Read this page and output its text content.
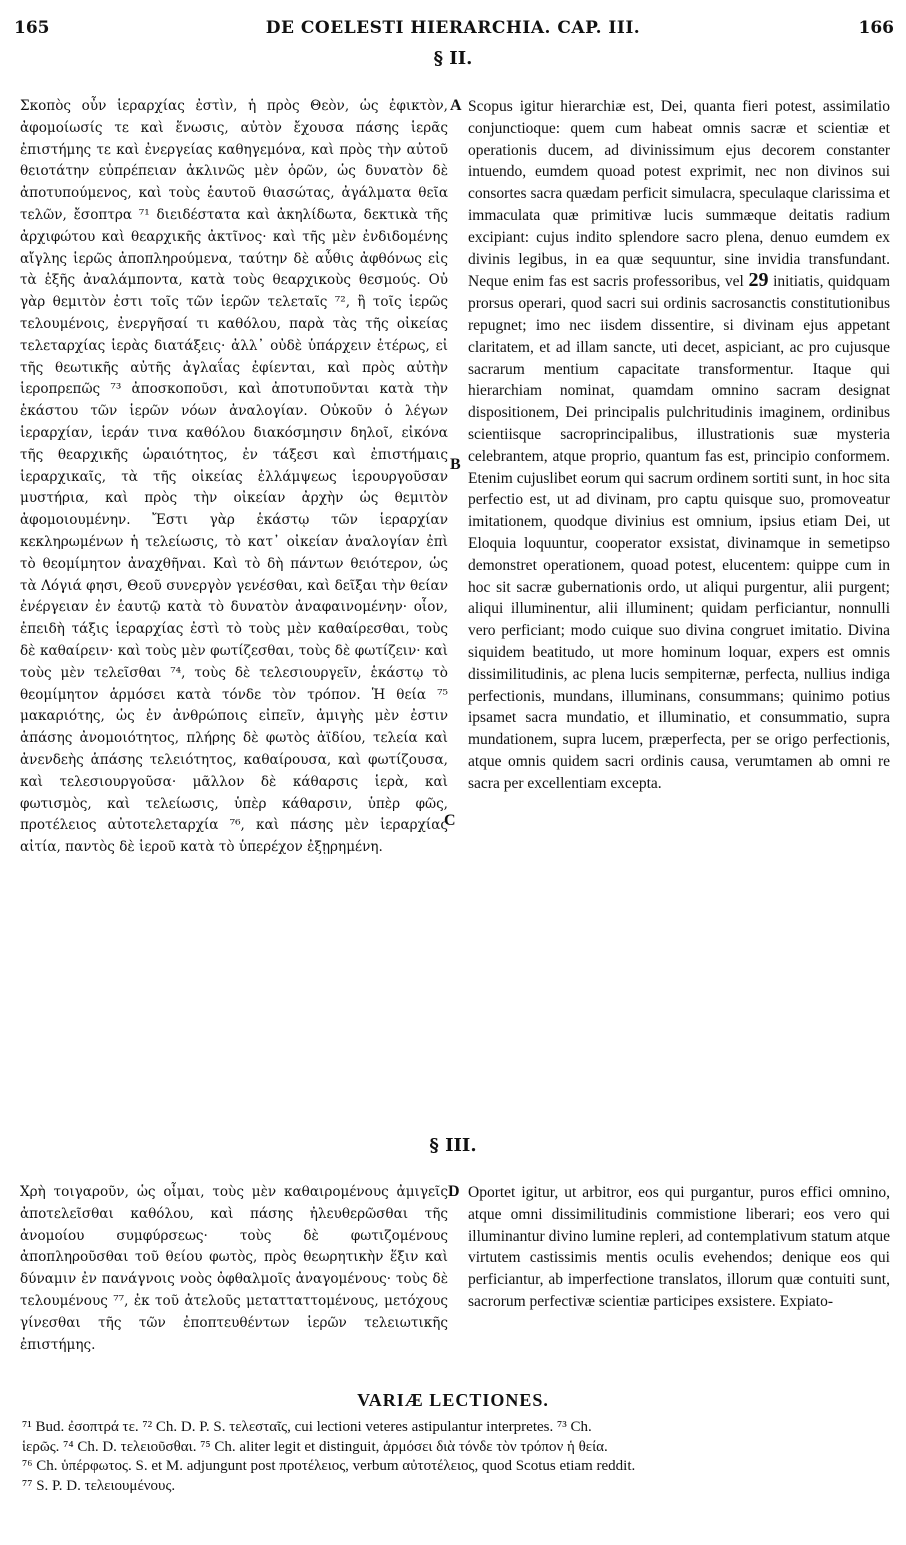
165	DE COELESTI HIERARCHIA. CAP. III.	166
§ II.
Σκοπὸς οὖν ἱεραρχίας ἐστὶν, ἡ πρὸς Θεὸν, ὡς ἐφικτὸν, ἀφομοίωσίς τε καὶ ἕνωσις, αὐτὸν ἔχουσα πάσης ἱερᾶς ἐπιστήμης τε καὶ ἐνεργείας καθηγεμόνα, καὶ πρὸς τὴν αὐτοῦ θειοτάτην εὐπρέπειαν ἀκλινῶς μὲν ὁρῶν, ὡς δυνατὸν δὲ ἀποτυπούμενος, καὶ τοὺς ἑαυτοῦ θιασώτας, ἀγάλματα θεῖα τελῶν, ἔσοπτρα ⁷¹ διειδέστατα καὶ ἀκηλίδωτα, δεκτικὰ τῆς ἀρχιφώτου καὶ θεαρχικῆς ἀκτῖνος· καὶ τῆς μὲν ἐνδιδομένης αἴγλης ἱερῶς ἀποπληρούμενα, ταύτην δὲ αὖθις ἀφθόνως εἰς τὰ ἑξῆς ἀναλάμποντα, κατὰ τοὺς θεαρχικοὺς θεσμούς. Οὐ γὰρ θεμιτὸν ἐστι τοῖς τῶν ἱερῶν τελεταῖς ⁷², ἢ τοῖς ἱερῶς τελουμένοις, ἐνεργῆσαί τι καθόλου, παρὰ τὰς τῆς οἰκείας τελεταρχίας ἱερὰς διατάξεις· ἀλλ᾽ οὐδὲ ὑπάρχειν ἑτέρως, εἰ τῆς θεωτικῆς αὐτῆς ἀγλαΐας ἐφίενται, καὶ πρὸς αὐτὴν ἱεροπρεπῶς ⁷³ ἀποσκοποῦσι, καὶ ἀποτυποῦνται κατὰ τὴν ἑκάστου τῶν ἱερῶν νόων ἀναλογίαν. Οὐκοῦν ὁ λέγων ἱεραρχίαν, ἱεράν τινα καθόλου διακόσμησιν δηλοῖ, εἰκόνα τῆς θεαρχικῆς ὡραιότητος, ἐν τάξεσι καὶ ἐπιστήμαις ἱεραρχικαῖς, τὰ τῆς οἰκείας ἐλλάμψεως ἱερουργοῦσαν μυστήρια, καὶ πρὸς τὴν οἰκείαν ἀρχὴν ὡς θεμιτὸν ἀφομοιουμένην. Ἔστι γὰρ ἑκάστῳ τῶν ἱεραρχίαν κεκληρωμένων ἡ τελείωσις, τὸ κατ᾽ οἰκείαν ἀναλογίαν ἐπὶ τὸ θεομίμητον ἀναχθῆναι. Καὶ τὸ δὴ πάντων θειότερον, ὡς τὰ Λόγιά φησι, Θεοῦ συνεργὸν γενέσθαι, καὶ δεῖξαι τὴν θείαν ἐνέργειαν ἐν ἑαυτῷ κατὰ τὸ δυνατὸν ἀναφαινομένην· οἷον, ἐπειδὴ τάξις ἱεραρχίας ἐστὶ τὸ τοὺς μὲν καθαίρεσθαι, τοὺς δὲ καθαίρειν· καὶ τοὺς μὲν φωτίζεσθαι, τοὺς δὲ φωτίζειν· καὶ τοὺς μὲν τελεῖσθαι ⁷⁴, τοὺς δὲ τελεσιουργεῖν, ἑκάστῳ τὸ θεομίμητον ἁρμόσει κατὰ τόνδε τὸν τρόπον. Ἡ θεία ⁷⁵ μακαριότης, ὡς ἐν ἀνθρώποις εἰπεῖν, ἀμιγὴς μὲν ἐστιν ἁπάσης ἀνομοιότητος, πλήρης δὲ φωτὸς ἀϊδίου, τελεία καὶ ἀνενδεὴς ἁπάσης τελειότητος, καθαίρουσα, καὶ φωτίζουσα, καὶ τελεσιουργοῦσα· μᾶλλον δὲ κάθαρσις ἱερὰ, καὶ φωτισμὸς, καὶ τελείωσις, ὑπὲρ κάθαρσιν, ὑπὲρ φῶς, προτέλειος αὐτοτελεταρχία ⁷⁶, καὶ πάσης μὲν ἱεραρχίας αἰτία, παντὸς δὲ ἱεροῦ κατὰ τὸ ὑπερέχον ἐξῃρημένη.
Scopus igitur hierarchiæ est, Dei, quanta fieri potest, assimilatio conjunctioque: quem cum habeat omnis sacræ et scientiæ et operationis ducem, ad divinissimum ejus decorem constanter intuendo, eumdem quoad potest exprimit, nec non divinos sui consortes sacra quædam perficit simulacra, speculaque clarissima et immaculata quæ primitivæ lucis summæque deitatis radium excipiant: cujus indito splendore sacro plena, denuo eumdem ex divinis legibus, in ea quæ sequuntur, sine invidia transfundant. Neque enim fas est sacris professoribus, vel 29 initiatis, quidquam prorsus operari, quod sacri sui ordinis sacrosanctis constitutionibus repugnet; imo nec iisdem dissentire, si divinam ejus appetant claritatem, et ad illam sancte, uti decet, aspiciant, ac pro cujusque sacrarum mentium capacitate transformentur. Itaque qui hierarchiam nominat, quamdam omnino sacram designat dispositionem, Dei principalis pulchritudinis imaginem, ordinibus scientiisque sacroprincipalibus, illustrationis suæ mysteria celebrantem, atque proprio, quantum fas est, principio conformem. Etenim cujuslibet eorum qui sacrum ordinem sortiti sunt, in hoc sita perfectio est, ut ad divinam, pro captu quisque suo, promoveatur imitationem, quodque divinius est omnium, ipsius etiam Dei, ut Eloquia loquuntur, cooperator exsistat, divinamque in semetipso demonstret operationem, quoad potest, elucentem: quippe cum in hoc sit sacræ gubernationis ordo, ut aliqui purgentur, alii purgent; aliqui illuminentur, alii illuminent; quidam perficiantur, nonnulli vero perficiant; modo cuique suo divina congruet imitatio. Divina siquidem beatitudo, ut more hominum loquar, expers est omnis dissimilitudinis, ac plena lucis sempiternæ, perfecta, nullius indiga perfectionis, mundans, illuminans, consummans; quinimo potius ipsamet sacra mundatio, et illuminatio, et consummatio, supra mundationem, supra lucem, præperfecta, per se origo perfectionis, atque omnis quidem sacri ordinis causa, verumtamen ab omni re sacra per excellentiam excepta.
A
B
C
D
§ III.
Χρὴ τοιγαροῦν, ὡς οἶμαι, τοὺς μὲν καθαιρομένους ἀμιγεῖς ἀποτελεῖσθαι καθόλου, καὶ πάσης ἠλευθερῶσθαι τῆς ἀνομοίου συμφύρσεως· τοὺς δὲ φωτιζομένους ἀποπληροῦσθαι τοῦ θείου φωτὸς, πρὸς θεωρητικὴν ἕξιν καὶ δύναμιν ἐν πανάγνοις νοὸς ὀφθαλμοῖς ἀναγομένους· τοὺς δὲ τελουμένους ⁷⁷, ἐκ τοῦ ἀτελοῦς μετατταττομένους, μετόχους γίνεσθαι τῆς τῶν ἐποπτευθέντων ἱερῶν τελειωτικῆς ἐπιστήμης.
Oportet igitur, ut arbitror, eos qui purgantur, puros effici omnino, atque omni dissimilitudinis commistione liberari; eos vero qui illuminantur divino lumine repleri, ad contemplativum statum atque virtutem castissimis mentis oculis evehendos; denique eos qui perficiantur, ab imperfectione translatos, illorum quæ contuiti sunt, sacrorum perfectivæ scientiæ participes exsistere. Expiato-
VARIÆ LECTIONES.
⁷¹ Bud. ἐσοπτρά τε. ⁷² Ch. D. P. S. τελεσταῖς, cui lectioni veteres astipulantur interpretes. ⁷³ Ch.
ἱερῶς. ⁷⁴ Ch. D. τελειοῦσθαι. ⁷⁵ Ch. aliter legit et distinguit, ἁρμόσει διὰ τόνδε τὸν τρόπον ἡ θεία.
⁷⁶ Ch. ὑπέρφωτος. S. et M. adjungunt post προτέλειος, verbum αὐτοτέλειος, quod Scotus etiam reddit.
⁷⁷ S. P. D. τελειουμένους.
